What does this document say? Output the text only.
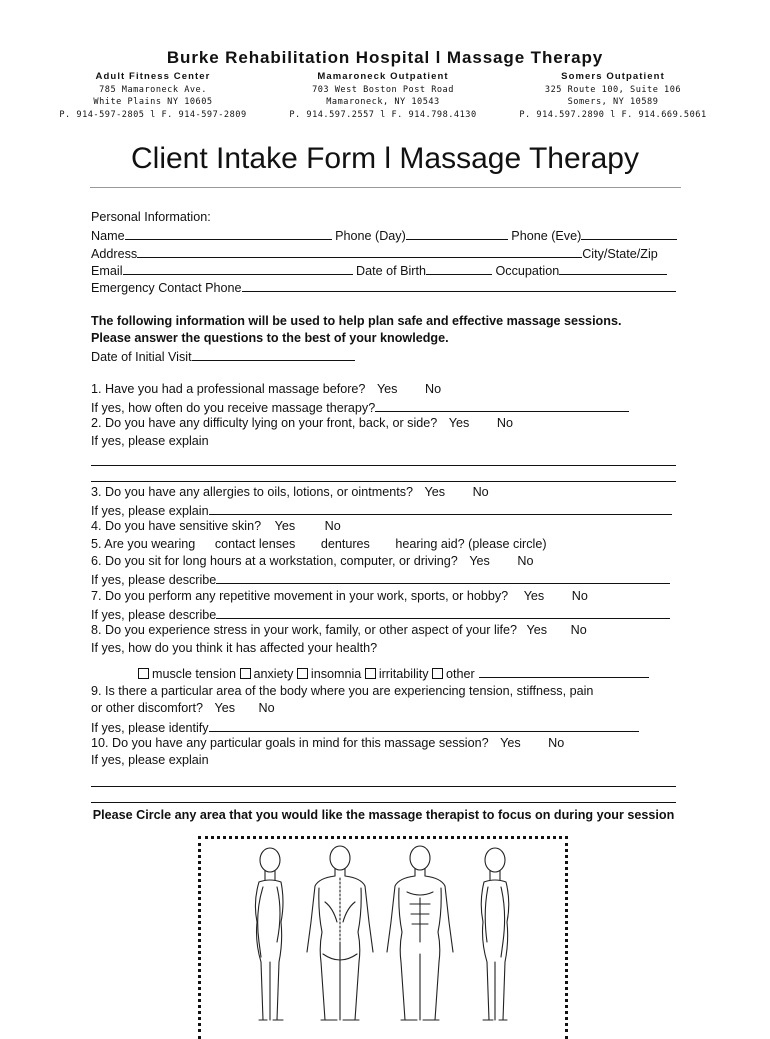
Burke Rehabilitation Hospital l Massage Therapy
Adult Fitness Center
785 Mamaroneck Ave.
White Plains NY 10605
P. 914-597-2805 l F. 914-597-2809
Mamaroneck Outpatient
703 West Boston Post Road
Mamaroneck, NY 10543
P. 914.597.2557 l F. 914.798.4130
Somers Outpatient
325 Route 100, Suite 106
Somers, NY 10589
P. 914.597.2890 l F. 914.669.5061
Client Intake Form l Massage Therapy
Personal Information:
Name	Phone (Day)	Phone (Eve)
Address	City/State/Zip
Email	Date of Birth	Occupation
Emergency Contact Phone
The following information will be used to help plan safe and effective massage sessions.
Please answer the questions to the best of your knowledge.
Date of Initial Visit
1. Have you had a professional massage before? Yes No
If yes, how often do you receive massage therapy?
2. Do you have any difficulty lying on your front, back, or side? Yes No
If yes, please explain
3. Do you have any allergies to oils, lotions, or ointments? Yes No
If yes, please explain
4. Do you have sensitive skin? Yes No
5. Are you wearing contact lenses dentures hearing aid? (please circle)
6. Do you sit for long hours at a workstation, computer, or driving? Yes No
If yes, please describe
7. Do you perform any repetitive movement in your work, sports, or hobby? Yes No
If yes, please describe
8. Do you experience stress in your work, family, or other aspect of your life? Yes No
If yes, how do you think it has affected your health?
muscle tension anxiety insomnia irritability other
9. Is there a particular area of the body where you are experiencing tension, stiffness, pain
or other discomfort? Yes No
If yes, please identify
10. Do you have any particular goals in mind for this massage session? Yes No
If yes, please explain
Please Circle any area that you would like the massage therapist to focus on during your session
